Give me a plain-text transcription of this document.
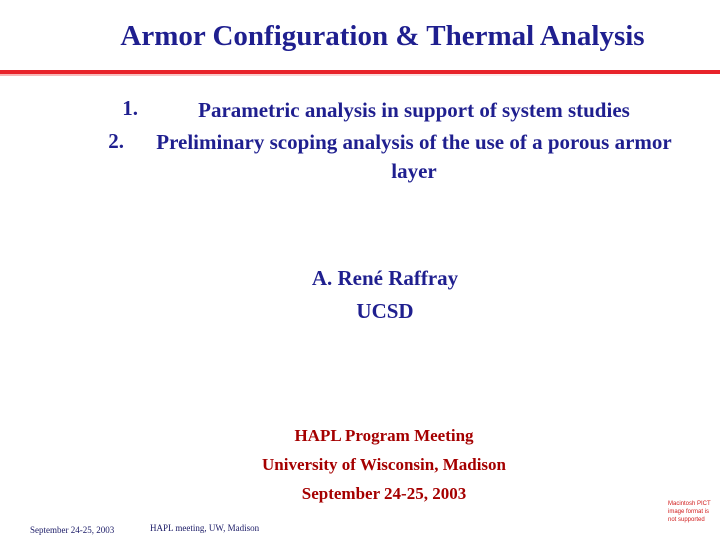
Armor Configuration & Thermal Analysis
1.	Parametric analysis in support of system studies
2. Preliminary scoping analysis of the use of a porous armor layer
A. René Raffray
UCSD
HAPL Program Meeting
University of Wisconsin, Madison
September 24-25, 2003
September 24-25, 2003	HAPL meeting, UW, Madison
Macintosh PICT image format is not supported
